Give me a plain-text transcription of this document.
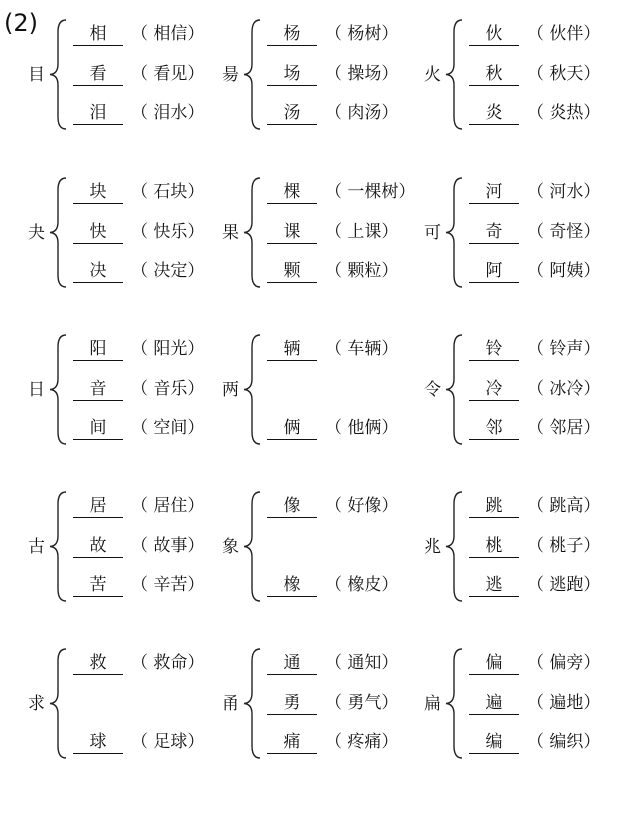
(2)
目
相 （ 相信）
看 （ 看见）
泪 （ 泪水）
昜
杨 （ 杨树）
场 （ 操场）
汤 （ 肉汤）
火
伙 （ 伙伴）
秋 （ 秋天）
炎 （ 炎热）
夬
块 （ 石块）
快 （ 快乐）
决 （ 决定）
果
棵 （ 一棵树）
课 （ 上课）
颗 （ 颗粒）
可
河 （ 河水）
奇 （ 奇怪）
阿 （ 阿姨）
日
阳 （ 阳光）
音 （ 音乐）
间 （ 空间）
两
辆 （ 车辆）
俩 （ 他俩）
令
铃 （ 铃声）
冷 （ 冰冷）
邻 （ 邻居）
古
居 （ 居住）
故 （ 故事）
苦 （ 辛苦）
象
像 （ 好像）
橡 （ 橡皮）
兆
跳 （ 跳高）
桃 （ 桃子）
逃 （ 逃跑）
求
救 （ 救命）
球 （ 足球）
甬
通 （ 通知）
勇 （ 勇气）
痛 （ 疼痛）
扁
偏 （ 偏旁）
遍 （ 遍地）
编 （ 编织）
